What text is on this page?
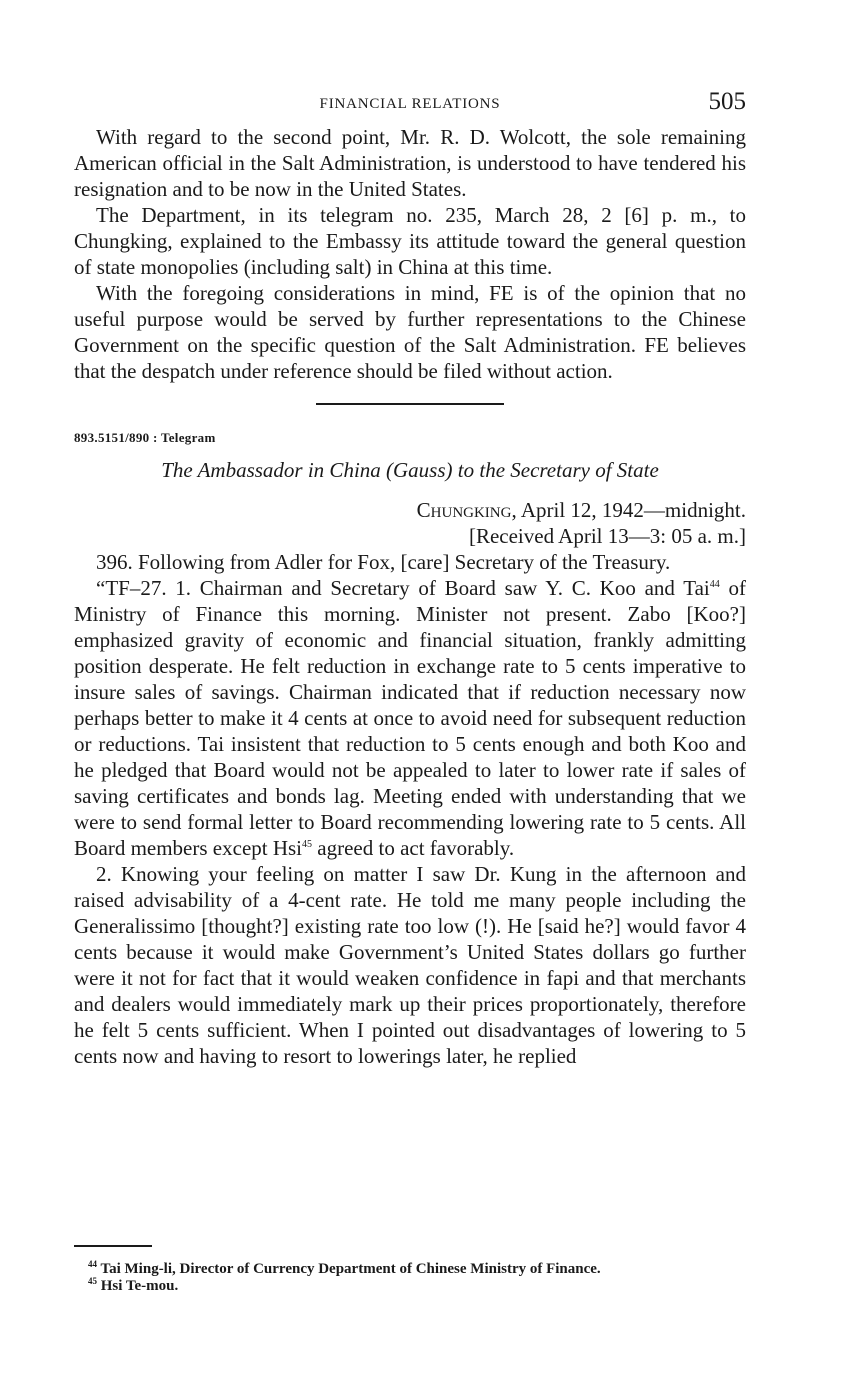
FINANCIAL RELATIONS	505

With regard to the second point, Mr. R. D. Wolcott, the sole remaining American official in the Salt Administration, is understood to have tendered his resignation and to be now in the United States.

The Department, in its telegram no. 235, March 28, 2 [6] p. m., to Chungking, explained to the Embassy its attitude toward the general question of state monopolies (including salt) in China at this time.

With the foregoing considerations in mind, FE is of the opinion that no useful purpose would be served by further representations to the Chinese Government on the specific question of the Salt Administration. FE believes that the despatch under reference should be filed without action.

893.5151/890 : Telegram

The Ambassador in China (Gauss) to the Secretary of State

Chungking, April 12, 1942—midnight.

[Received April 13—3: 05 a. m.]

396. Following from Adler for Fox, [care] Secretary of the Treasury.

“TF–27. 1. Chairman and Secretary of Board saw Y. C. Koo and Tai$^{44}$ of Ministry of Finance this morning. Minister not present. Zabo [Koo?] emphasized gravity of economic and financial situation, frankly admitting position desperate. He felt reduction in exchange rate to 5 cents imperative to insure sales of savings. Chairman indicated that if reduction necessary now perhaps better to make it 4 cents at once to avoid need for subsequent reduction or reductions. Tai insistent that reduction to 5 cents enough and both Koo and he pledged that Board would not be appealed to later to lower rate if sales of saving certificates and bonds lag. Meeting ended with understanding that we were to send formal letter to Board recommending lowering rate to 5 cents. All Board members except Hsi$^{45}$ agreed to act favorably.

2. Knowing your feeling on matter I saw Dr. Kung in the afternoon and raised advisability of a 4-cent rate. He told me many people including the Generalissimo [thought?] existing rate too low (!). He [said he?] would favor 4 cents because it would make Government’s United States dollars go further were it not for fact that it would weaken confidence in fapi and that merchants and dealers would immediately mark up their prices proportionately, therefore he felt 5 cents sufficient. When I pointed out disadvantages of lowering to 5 cents now and having to resort to lowerings later, he replied

$^{44}$ Tai Ming-li, Director of Currency Department of Chinese Ministry of Finance.

$^{45}$ Hsi Te-mou.
